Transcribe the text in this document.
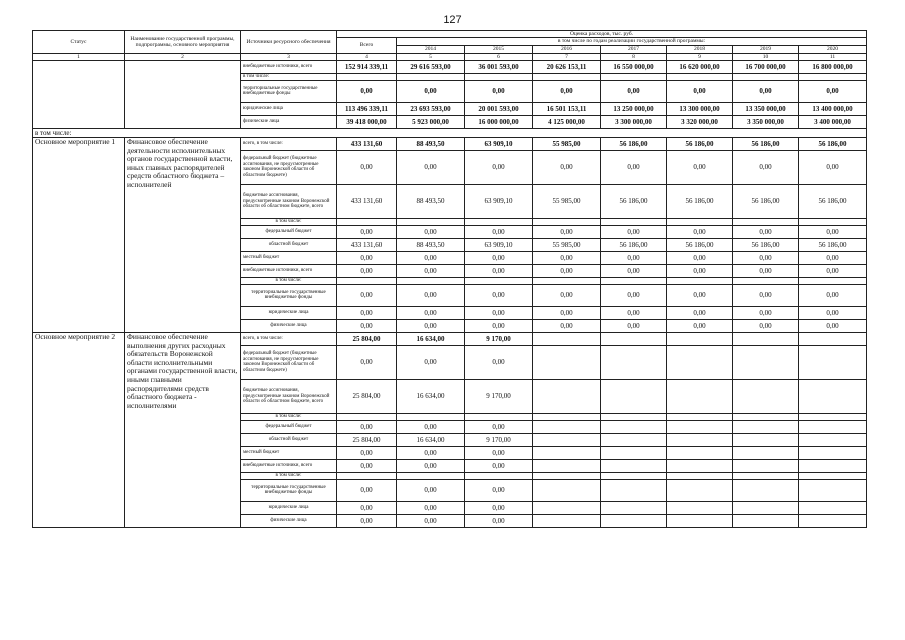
127
Статус	Наименование государственной программы, подпрограммы, основного мероприятия	Источники ресурсного обеспечения	Оценка расходов, тыс. руб.							
			Всего	в том числе по годам реализации государственной программы:						
				2014	2015	2016	2017	2018	2019	2020

1	2	3	4	5	6	7	8	9	10	11
		внебюджетные источники, всего	152 914 339,11	29 616 593,00	36 001 593,00	20 626 153,11	16 550 000,00	16 620 000,00	16 700 000,00	16 800 000,00
		в том числе:								
		территориальные государственные внебюджетные фонды	0,00	0,00	0,00	0,00	0,00	0,00	0,00	0,00
		юридические лица	113 496 339,11	23 693 593,00	20 001 593,00	16 501 153,11	13 250 000,00	13 300 000,00	13 350 000,00	13 400 000,00
		физические лица	39 418 000,00	5 923 000,00	16 000 000,00	4 125 000,00	3 300 000,00	3 320 000,00	3 350 000,00	3 400 000,00
в том числе:										
Основное мероприятие 1	Финансовое обеспечение деятельности исполнительных органов государственной власти, иных главных распорядителей средств областного бюджета – исполнителей	всего, в том числе:	433 131,60	88 493,50	63 909,10	55 985,00	56 186,00	56 186,00	56 186,00	56 186,00
		федеральный бюджет (бюджетные ассигнования, не предусмотренные законом Воронежской области об областном бюджете)	0,00	0,00	0,00	0,00	0,00	0,00	0,00	0,00
		бюджетные ассигнования, предусмотренные законом Воронежской области об областном бюджете, всего	433 131,60	88 493,50	63 909,10	55 985,00	56 186,00	56 186,00	56 186,00	56 186,00
		в том числе:								
		федеральный бюджет	0,00	0,00	0,00	0,00	0,00	0,00	0,00	0,00
		областной бюджет	433 131,60	88 493,50	63 909,10	55 985,00	56 186,00	56 186,00	56 186,00	56 186,00
		местный бюджет	0,00	0,00	0,00	0,00	0,00	0,00	0,00	0,00
		внебюджетные источники, всего	0,00	0,00	0,00	0,00	0,00	0,00	0,00	0,00
		в том числе:								
		территориальные государственные внебюджетные фонды	0,00	0,00	0,00	0,00	0,00	0,00	0,00	0,00
		юридические лица	0,00	0,00	0,00	0,00	0,00	0,00	0,00	0,00
		физические лица	0,00	0,00	0,00	0,00	0,00	0,00	0,00	0,00
Основное мероприятие 2	Финансовое обеспечение выполнения других расходных обязательств Воронежской области исполнительными органами государственной власти, иными главными распорядителями средств областного бюджета - исполнителями	всего, в том числе:	25 804,00	16 634,00	9 170,00					
		федеральный бюджет (бюджетные ассигнования, не предусмотренные законом Воронежской области об областном бюджете)	0,00	0,00	0,00					
		бюджетные ассигнования, предусмотренные законом Воронежской области об областном бюджете, всего	25 804,00	16 634,00	9 170,00					
		в том числе:								
		федеральный бюджет	0,00	0,00	0,00					
		областной бюджет	25 804,00	16 634,00	9 170,00					
		местный бюджет	0,00	0,00	0,00					
		внебюджетные источники, всего	0,00	0,00	0,00					
		в том числе:								
		территориальные государственные внебюджетные фонды	0,00	0,00	0,00					
		юридические лица	0,00	0,00	0,00					
		физические лица	0,00	0,00	0,00					
